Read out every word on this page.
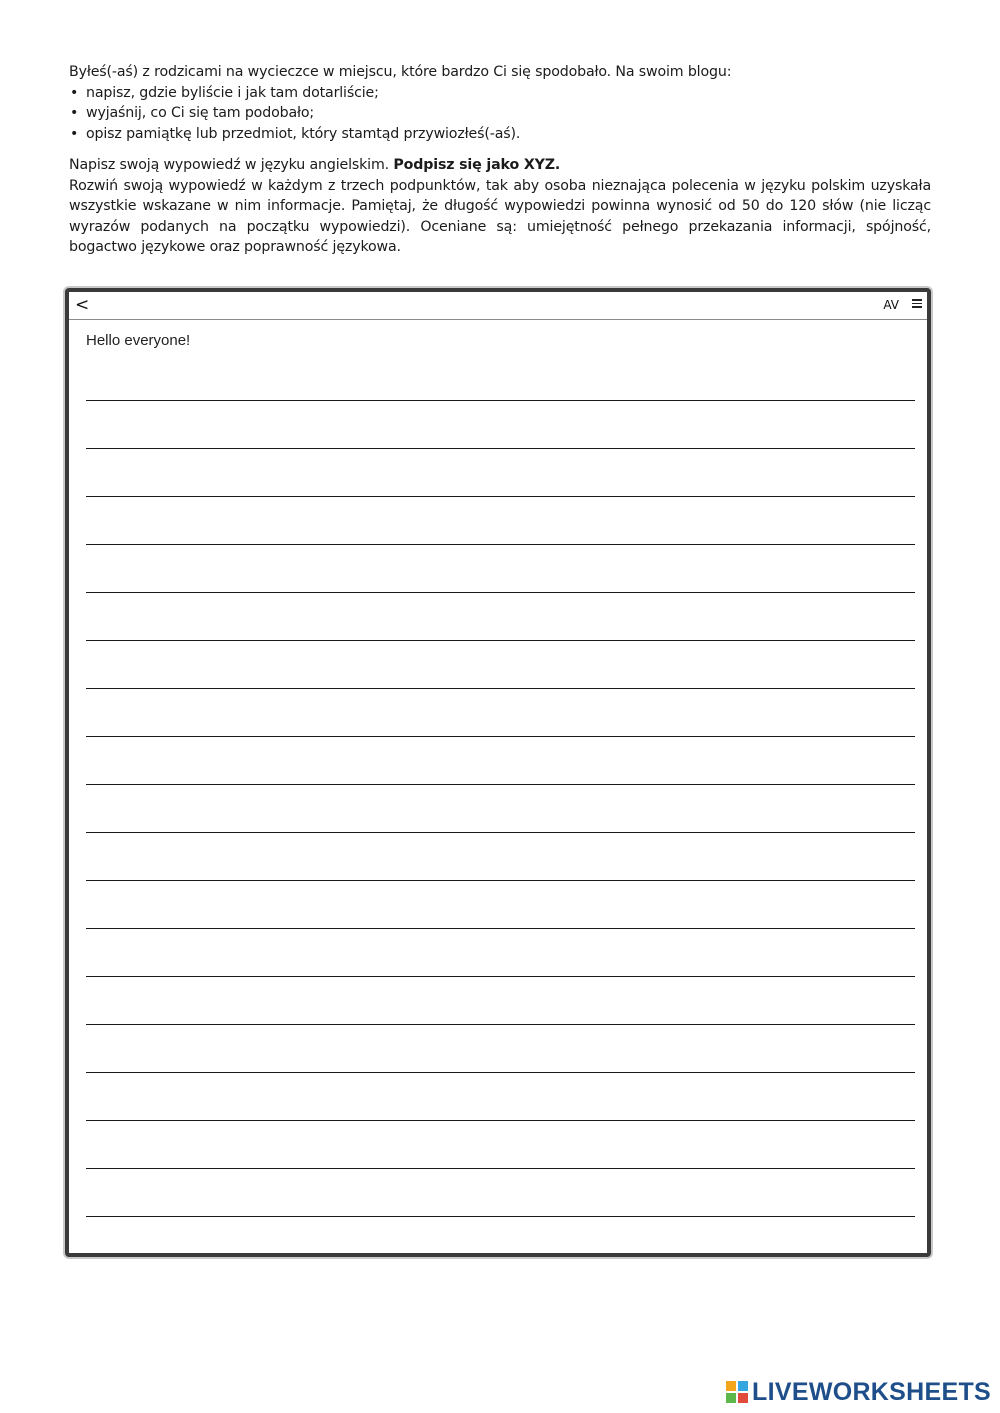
Byłeś(-aś) z rodzicami na wycieczce w miejscu, które bardzo Ci się spodobało. Na swoim blogu:

• napisz, gdzie byliście i jak tam dotarliście;
• wyjaśnij, co Ci się tam podobało;
• opisz pamiątkę lub przedmiot, który stamtąd przywiozłeś(-aś).

Napisz swoją wypowiedź w języku angielskim. Podpisz się jako XYZ.

Rozwiń swoją wypowiedź w każdym z trzech podpunktów, tak aby osoba nieznająca polecenia w języku polskim uzyskała wszystkie wskazane w nim informacje. Pamiętaj, że długość wypowiedzi powinna wynosić od 50 do 120 słów (nie licząc wyrazów podanych na początku wypowiedzi). Oceniane są: umiejętność pełnego przekazania informacji, spójność, bogactwo językowe oraz poprawność językowa.

<	AV
Hello everyone!
LIVEWORKSHEETS
